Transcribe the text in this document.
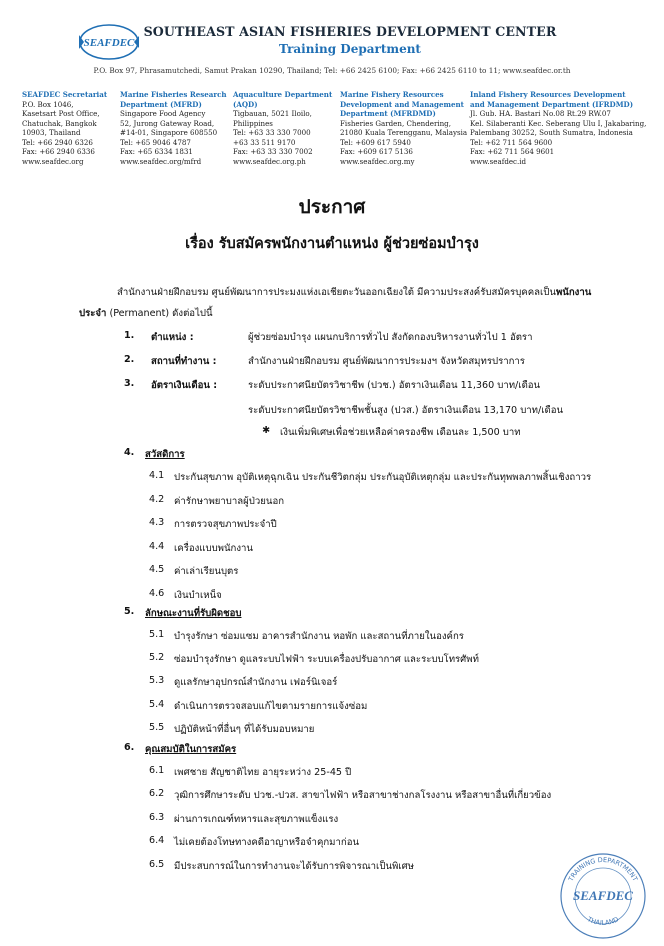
SEAFDEC
SOUTHEAST ASIAN FISHERIES DEVELOPMENT CENTER
Training Department
P.O. Box 97, Phrasamutchedi, Samut Prakan 10290, Thailand; Tel: +66 2425 6100; Fax: +66 2425 6110 to 11; www.seafdec.or.th
SEAFDEC Secretariat
P.O. Box 1046,
Kasetsart Post Office,
Chatuchak, Bangkok
10903, Thailand
Tel: +66 2940 6326
Fax: +66 2940 6336
www.seafdec.org
Marine Fisheries Research
Department (MFRD)
Singapore Food Agency
52, Jurong Gateway Road,
#14-01, Singapore 608550
Tel: +65 9046 4787
Fax: +65 6334 1831
www.seafdec.org/mfrd
Aquaculture Department
(AQD)
Tigbauan, 5021 Iloilo,
Philippines
Tel: +63 33 330 7000
+63 33 511 9170
Fax: +63 33 330 7002
www.seafdec.org.ph
Marine Fishery Resources
Development and Management
Department (MFRDMD)
Fisheries Garden, Chendering,
21080 Kuala Terengganu, Malaysia
Tel: +609 617 5940
Fax: +609 617 5136
www.seafdec.org.my
Inland Fishery Resources Development
and Management Department (IFRDMD)
Jl. Gub. HA. Bastari No.08 Rt.29 RW.07
Kel. Silaberanti Kec. Seberang Ulu I, Jakabaring,
Palembang 30252, South Sumatra, Indonesia
Tel: +62 711 564 9600
Fax: +62 711 564 9601
www.seafdec.id
ประกาศ
เรื่อง รับสมัครพนักงานตำแหน่ง ผู้ช่วยซ่อมบำรุง
สำนักงานฝ่ายฝึกอบรม ศูนย์พัฒนาการประมงแห่งเอเชียตะวันออกเฉียงใต้ มีความประสงค์รับสมัครบุคคลเป็นพนักงาน
ประจำ (Permanent) ดังต่อไปนี้
1. ตำแหน่ง :	ผู้ช่วยซ่อมบำรุง แผนกบริการทั่วไป สังกัดกองบริหารงานทั่วไป 1 อัตรา
2. สถานที่ทำงาน :	สำนักงานฝ่ายฝึกอบรม ศูนย์พัฒนาการประมงฯ จังหวัดสมุทรปราการ
3. อัตราเงินเดือน :	ระดับประกาศนียบัตรวิชาชีพ (ปวช.) อัตราเงินเดือน 11,360 บาท/เดือน
ระดับประกาศนียบัตรวิชาชีพชั้นสูง (ปวส.) อัตราเงินเดือน 13,170 บาท/เดือน
✱ เงินเพิ่มพิเศษเพื่อช่วยเหลือค่าครองชีพ เดือนละ 1,500 บาท
4. สวัสดิการ
4.1 ประกันสุขภาพ อุบัติเหตุฉุกเฉิน ประกันชีวิตกลุ่ม ประกันอุบัติเหตุกลุ่ม และประกันทุพพลภาพสิ้นเชิงถาวร
4.2 ค่ารักษาพยาบาลผู้ป่วยนอก
4.3 การตรวจสุขภาพประจำปี
4.4 เครื่องแบบพนักงาน
4.5 ค่าเล่าเรียนบุตร
4.6 เงินบำเหน็จ
5. ลักษณะงานที่รับผิดชอบ
5.1 บำรุงรักษา ซ่อมแซม อาคารสำนักงาน หอพัก และสถานที่ภายในองค์กร
5.2 ซ่อมบำรุงรักษา ดูแลระบบไฟฟ้า ระบบเครื่องปรับอากาศ และระบบโทรศัพท์
5.3 ดูแลรักษาอุปกรณ์สำนักงาน เฟอร์นิเจอร์
5.4 ดำเนินการตรวจสอบแก้ไขตามรายการแจ้งซ่อม
5.5 ปฏิบัติหน้าที่อื่นๆ ที่ได้รับมอบหมาย
6. คุณสมบัติในการสมัคร
6.1 เพศชาย สัญชาติไทย อายุระหว่าง 25-45 ปี
6.2 วุฒิการศึกษาระดับ ปวช.-ปวส. สาขาไฟฟ้า หรือสาขาช่างกลโรงงาน หรือสาขาอื่นที่เกี่ยวข้อง
6.3 ผ่านการเกณฑ์ทหารและสุขภาพแข็งแรง
6.4 ไม่เคยต้องโทษทางคดีอาญาหรือจำคุกมาก่อน
6.5 มีประสบการณ์ในการทำงานจะได้รับการพิจารณาเป็นพิเศษ
TRAINING DEPARTMENT
SEAFDEC
THAILAND
